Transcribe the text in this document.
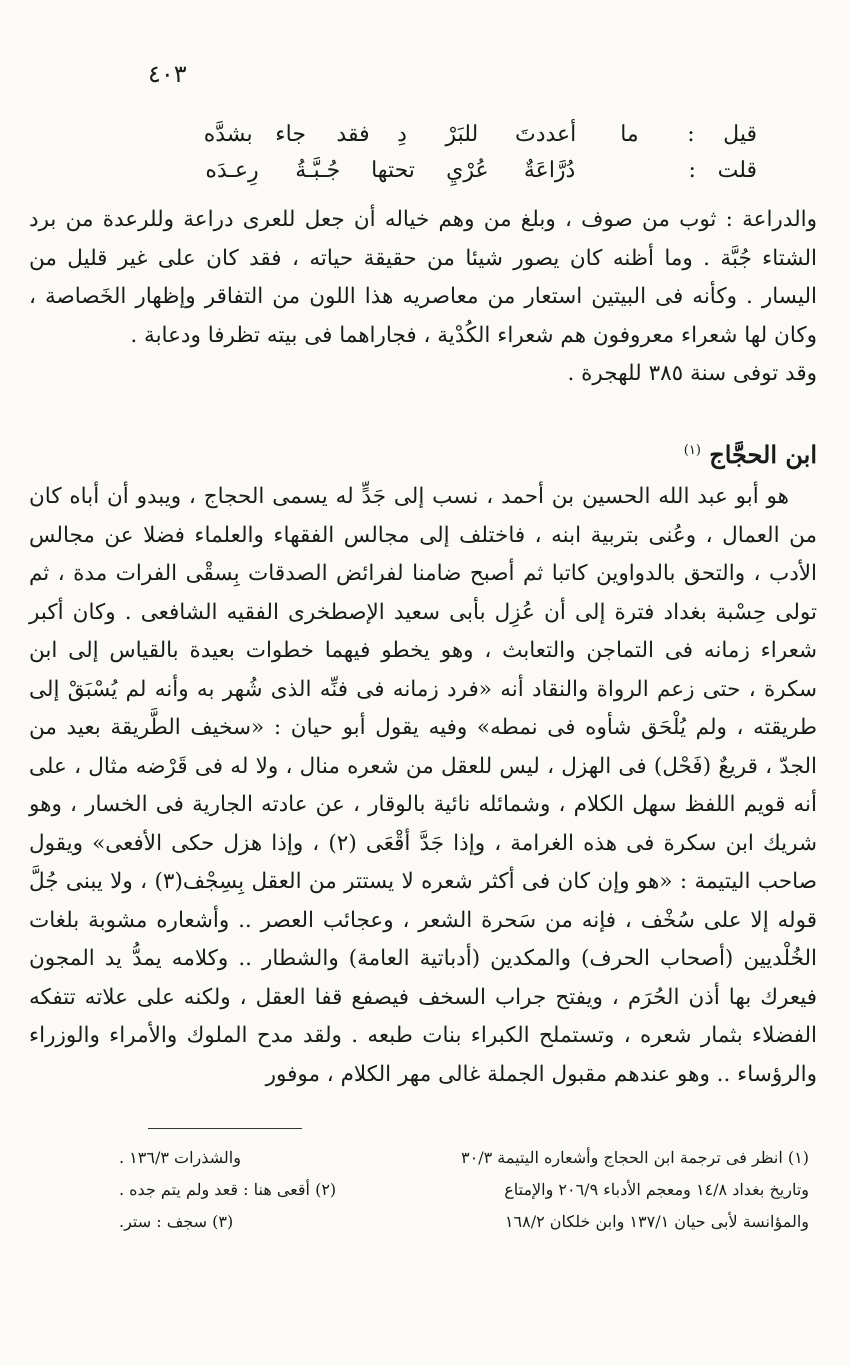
٤٠٣
قيل
:
ما
أعددتَ
للبَرْ
دِ
فقد
جاء
بشدَّه
قلت
:
دُرَّاعَةٌ
عُرْيِ
تحتها
جُـبَّـةُ
رِعـدَه

والدراعة : ثوب من صوف ، وبلغ من وهم خياله أن جعل للعرى دراعة وللرعدة من برد الشتاء جُبَّة . وما أظنه كان يصور شيئا من حقيقة حياته ، فقد كان على غير قليل من اليسار . وكأنه فى البيتين استعار من معاصريه هذا اللون من التفاقر وإظهار الخَصاصة ، وكان لها شعراء معروفون هم شعراء الكُدْية ، فجاراهما فى بيته تظرفا ودعابة .

وقد توفى سنة ٣٨٥ للهجرة .

ابن الحجَّاج $^{(١)}$

هو أبو عبد الله الحسين بن أحمد ، نسب إلى جَدٍّ له يسمى الحجاج ، ويبدو أن أباه كان من العمال ، وعُنى بتربية ابنه ، فاختلف إلى مجالس الفقهاء والعلماء فضلا عن مجالس الأدب ، والتحق بالدواوين كاتبا ثم أصبح ضامنا لفرائض الصدقات بِسقْى الفرات مدة ، ثم تولى حِسْبة بغداد فترة إلى أن عُزِل بأبى سعيد الإصطخرى الفقيه الشافعى . وكان أكبر شعراء زمانه فى التماجن والتعابث ، وهو يخطو فيهما خطوات بعيدة بالقياس إلى ابن سكرة ، حتى زعم الرواة والنقاد أنه «فرد زمانه فى فنِّه الذى شُهر به وأنه لم يُسْبَقْ إلى طريقته ، ولم يُلْحَق شأوه فى نمطه» وفيه يقول أبو حيان : «سخيف الطَّريقة بعيد من الجدّ ، قريعٌ (فَحْل) فى الهزل ، ليس للعقل من شعره منال ، ولا له فى قَرْضه مثال ، على أنه قويم اللفظ سهل الكلام ، وشمائله نائية بالوقار ، عن عادته الجارية فى الخسار ، وهو شريك ابن سكرة فى هذه الغرامة ، وإذا جَدَّ أقْعَى (٢) ، وإذا هزل حكى الأفعى» ويقول صاحب اليتيمة : «هو وإن كان فى أكثر شعره لا يستتر من العقل بِسِجْف(٣) ، ولا يبنى جُلَّ قوله إلا على سُخْف ، فإنه من سَحرة الشعر ، وعجائب العصر .. وأشعاره مشوبة بلغات الخُلْديين (أصحاب الحرف) والمكدين (أدباتية العامة) والشطار .. وكلامه يمدُّ يد المجون فيعرك بها أذن الحُرَم ، ويفتح جراب السخف فيصفع قفا العقل ، ولكنه على علاته تتفكه الفضلاء بثمار شعره ، وتستملح الكبراء بنات طبعه . ولقد مدح الملوك والأمراء والوزراء والرؤساء .. وهو عندهم مقبول الجملة غالى مهر الكلام ، موفور

(١) انظر فى ترجمة ابن الحجاج وأشعاره اليتيمة ٣٠/٣
والشذرات ١٣٦/٣ .
وتاريخ بغداد ١٤/٨ ومعجم الأدباء ٢٠٦/٩ والإمتاع
(٢) أقعى هنا : قعد ولم يتم جده .
والمؤانسة لأبى حيان ١٣٧/١ وابن خلكان ١٦٨/٢
(٣) سجف : ستر.
